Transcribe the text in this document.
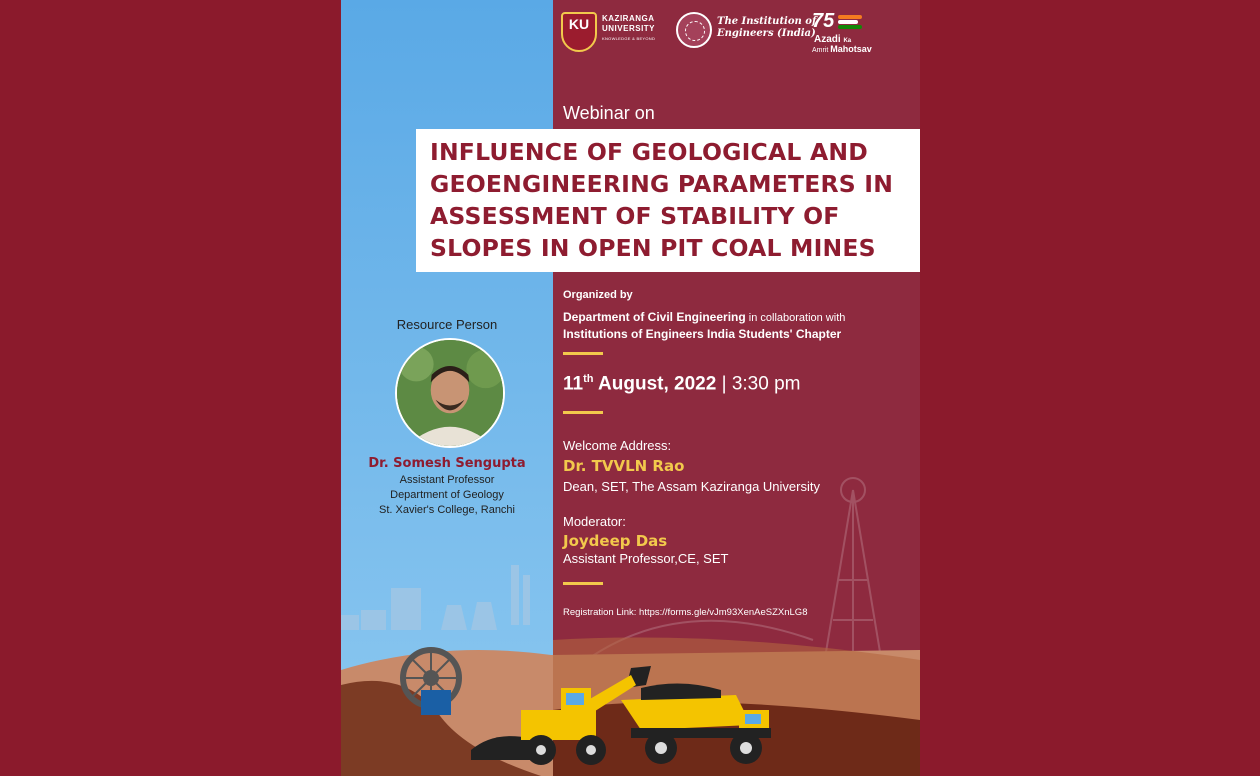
KU	KAZIRANGA
UNIVERSITY
KNOWLEDGE & BEYOND
The Institution of
Engineers (India)
75
Azadi Ka
Amrit Mahotsav
Webinar on
INFLUENCE OF GEOLOGICAL AND GEOENGINEERING PARAMETERS IN ASSESSMENT OF STABILITY OF SLOPES IN OPEN PIT COAL MINES
Organized by
Department of Civil Engineering in collaboration with
Institutions of Engineers India Students' Chapter
11th August, 2022 | 3:30 pm
Welcome Address:
Dr. TVVLN Rao
Dean, SET, The Assam Kaziranga University
Moderator:
Joydeep Das
Assistant Professor,CE, SET
Registration Link: https://forms.gle/vJm93XenAeSZXnLG8
Resource Person
Dr. Somesh Sengupta
Assistant Professor
Department of Geology
St. Xavier's College, Ranchi
